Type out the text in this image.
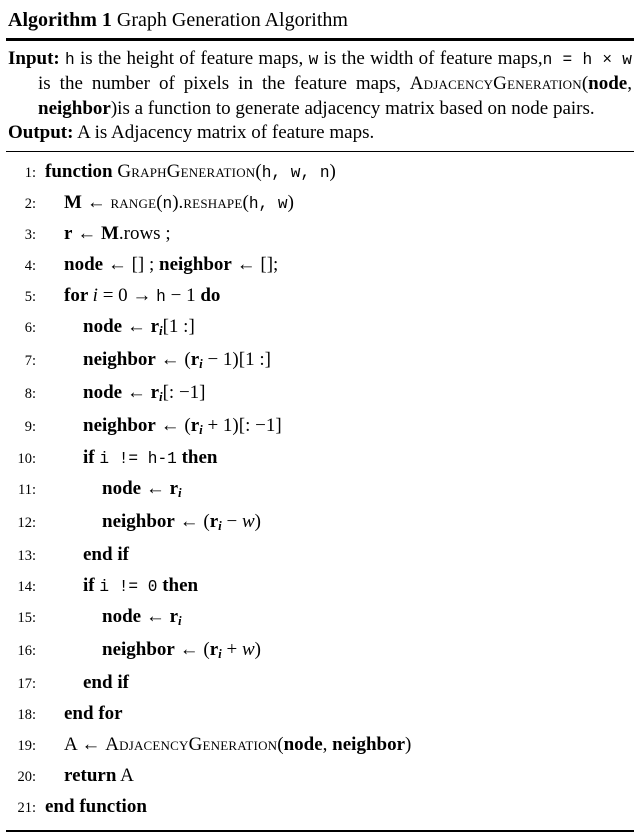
Algorithm 1 Graph Generation Algorithm
Input: h is the height of feature maps, w is the width of feature maps,n = h × w is the number of pixels in the feature maps, AdjacencyGeneration(node, neighbor)is a function to generate adjacency matrix based on node pairs.
Output: A is Adjacency matrix of feature maps.
1: function GraphGeneration(h, w, n)
2:	M ← range(n).reshape(h, w)
3:	r ← M.rows ;
4:	node ← [] ; neighbor ← [];
5:	for i = 0 → h − 1 do
6:	node ← ri[1 :]
7:	neighbor ← (ri − 1)[1 :]
8:	node ← ri[: −1]
9:	neighbor ← (ri + 1)[: −1]
10:	if i != h-1 then
11:	node ← ri
12:	neighbor ← (ri − w)
13:	end if
14:	if i != 0 then
15:	node ← ri
16:	neighbor ← (ri + w)
17:	end if
18:	end for
19:	A ← AdjacencyGeneration(node, neighbor)
20:	return A
21: end function
